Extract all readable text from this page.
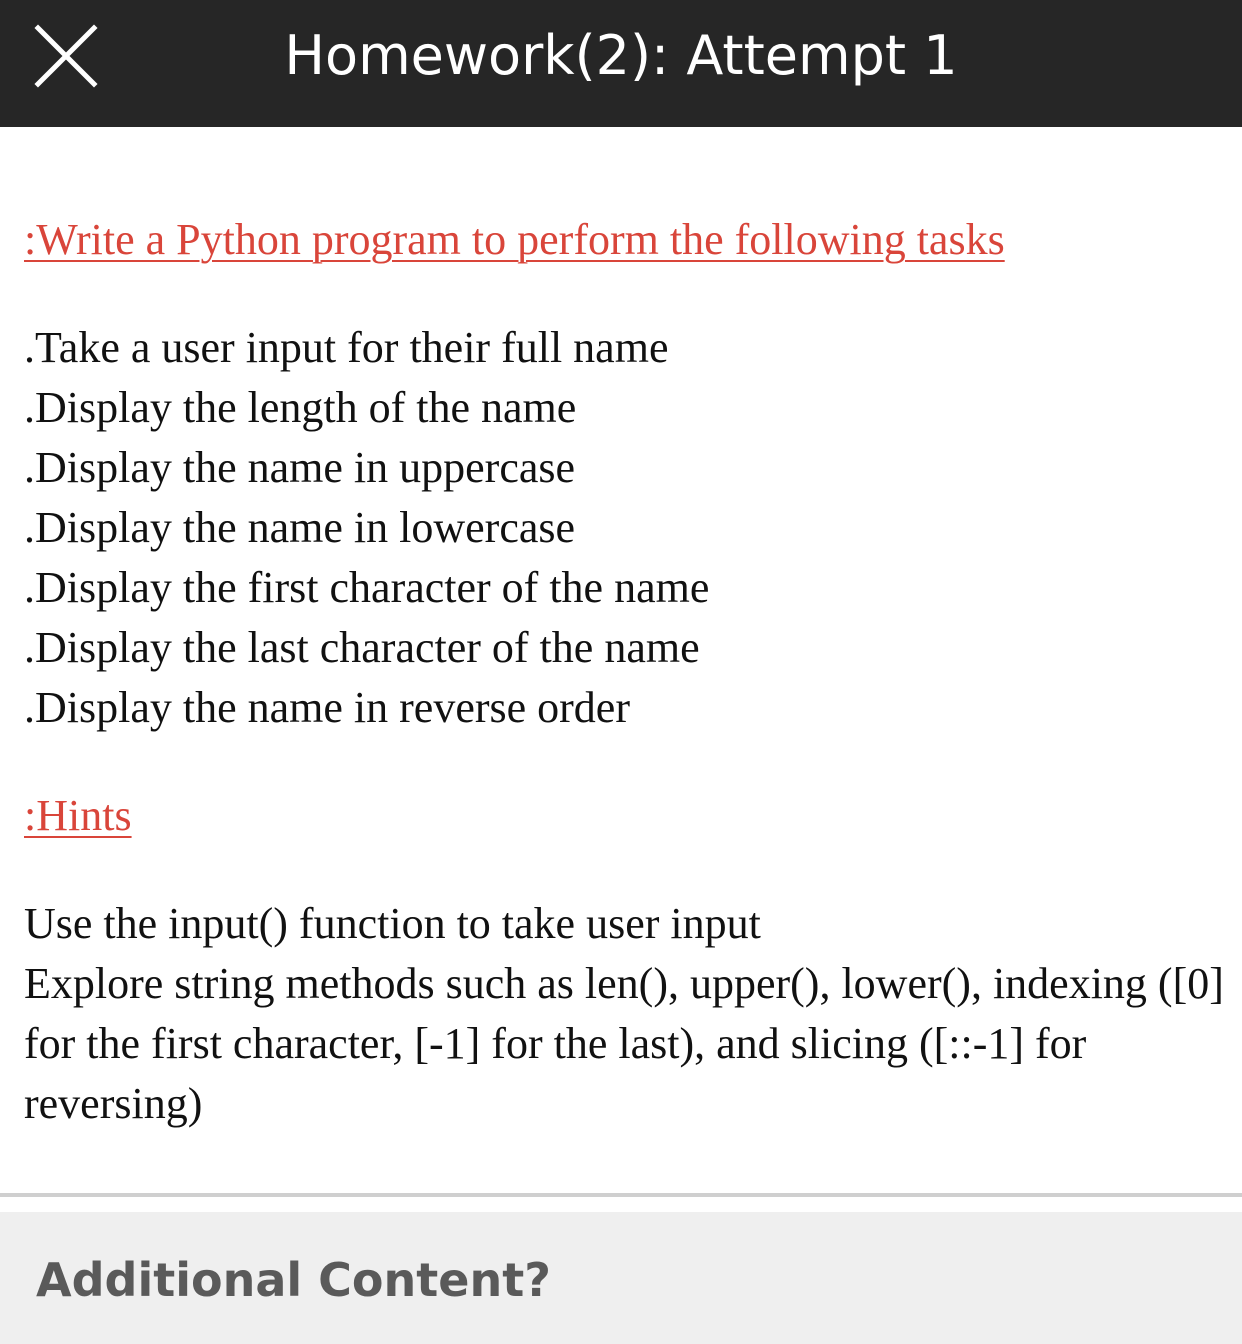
Homework(2): Attempt 1
:Write a Python program to perform the following tasks
.Take a user input for their full name
.Display the length of the name
.Display the name in uppercase
.Display the name in lowercase
.Display the first character of the name
.Display the last character of the name
.Display the name in reverse order
:Hints

Use the input() function to take user input

Explore string methods such as len(), upper(), lower(), indexing ([0] for the first character, [-1] for the last), and slicing ([::-1] for reversing)

Additional Content?
